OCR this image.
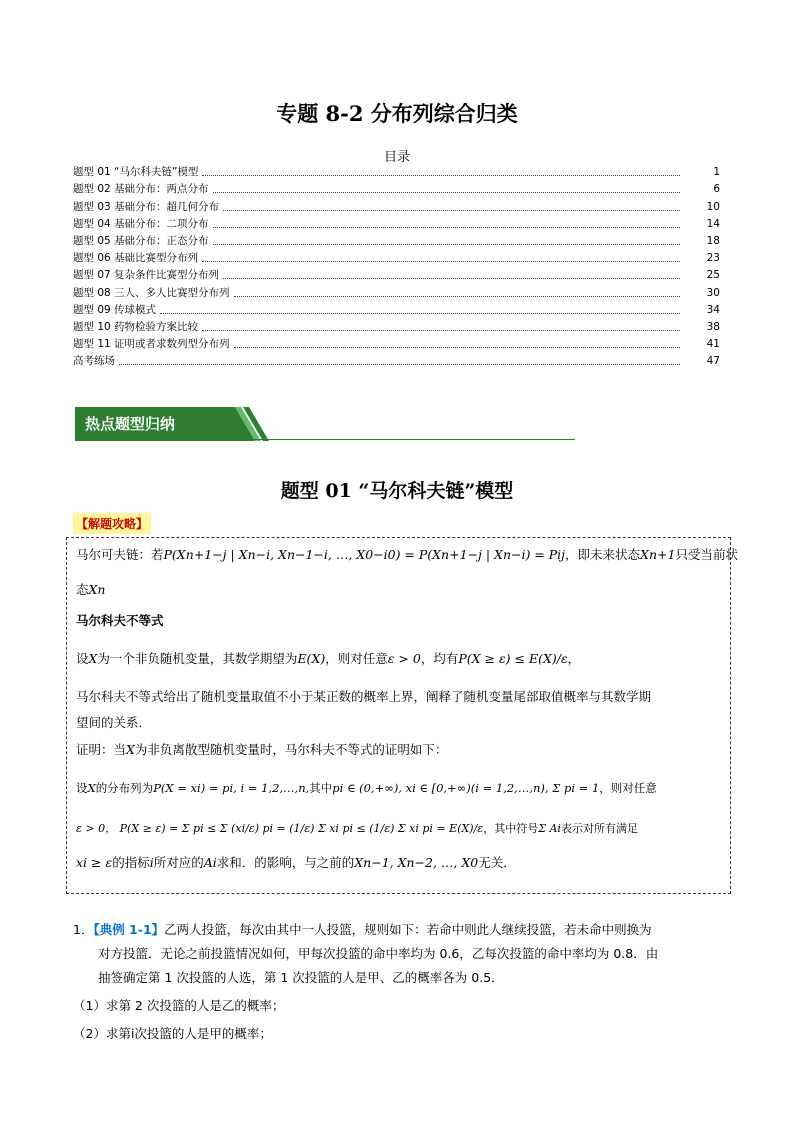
专题 8-2 分布列综合归类
目录
题型 01 “马尔科夫链”模型	1
题型 02 基础分布：两点分布	6
题型 03 基础分布：超几何分布	10
题型 04 基础分布：二项分布	14
题型 05 基础分布：正态分布	18
题型 06 基础比赛型分布列	23
题型 07 复杂条件比赛型分布列	25
题型 08 三人、多人比赛型分布列	30
题型 09 传球模式	34
题型 10 药物检验方案比较	38
题型 11 证明或者求数列型分布列	41
高考练场	47
热点题型归纳
题型 01 “马尔科夫链”模型
【解题攻略】
马尔可夫链：若P(Xn+1−j | Xn−i, Xn−1−i, …, X0−i0) = P(Xn+1−j | Xn−i) = Pij，即未来状态Xn+1只受当前状
态Xn
马尔科夫不等式
设X为一个非负随机变量，其数学期望为E(X)，则对任意ε > 0，均有P(X ≥ ε) ≤ E(X)/ε，
马尔科夫不等式给出了随机变量取值不小于某正数的概率上界，阐释了随机变量尾部取值概率与其数学期
望间的关系．
证明：当X为非负离散型随机变量时，马尔科夫不等式的证明如下：
设X的分布列为P(X = xi) = pi, i = 1,2,…,n,其中pi ∈ (0,+∞), xi ∈ [0,+∞)(i = 1,2,…,n), Σ pi = 1，则对任意
ε > 0， P(X ≥ ε) = Σ pi ≤ Σ (xi/ε) pi = (1/ε) Σ xi pi ≤ (1/ε) Σ xi pi = E(X)/ε，其中符号Σ Ai表示对所有满足
xi ≥ ε的指标i所对应的Ai求和．的影响，与之前的Xn−1, Xn−2, …, X0无关．
1．【典例 1-1】乙两人投篮，每次由其中一人投篮，规则如下：若命中则此人继续投篮，若未命中则换为
对方投篮．无论之前投篮情况如何，甲每次投篮的命中率均为 0.6，乙每次投篮的命中率均为 0.8．由
抽签确定第 1 次投篮的人选，第 1 次投篮的人是甲、乙的概率各为 0.5．
（1）求第 2 次投篮的人是乙的概率；
（2）求第i次投篮的人是甲的概率；
